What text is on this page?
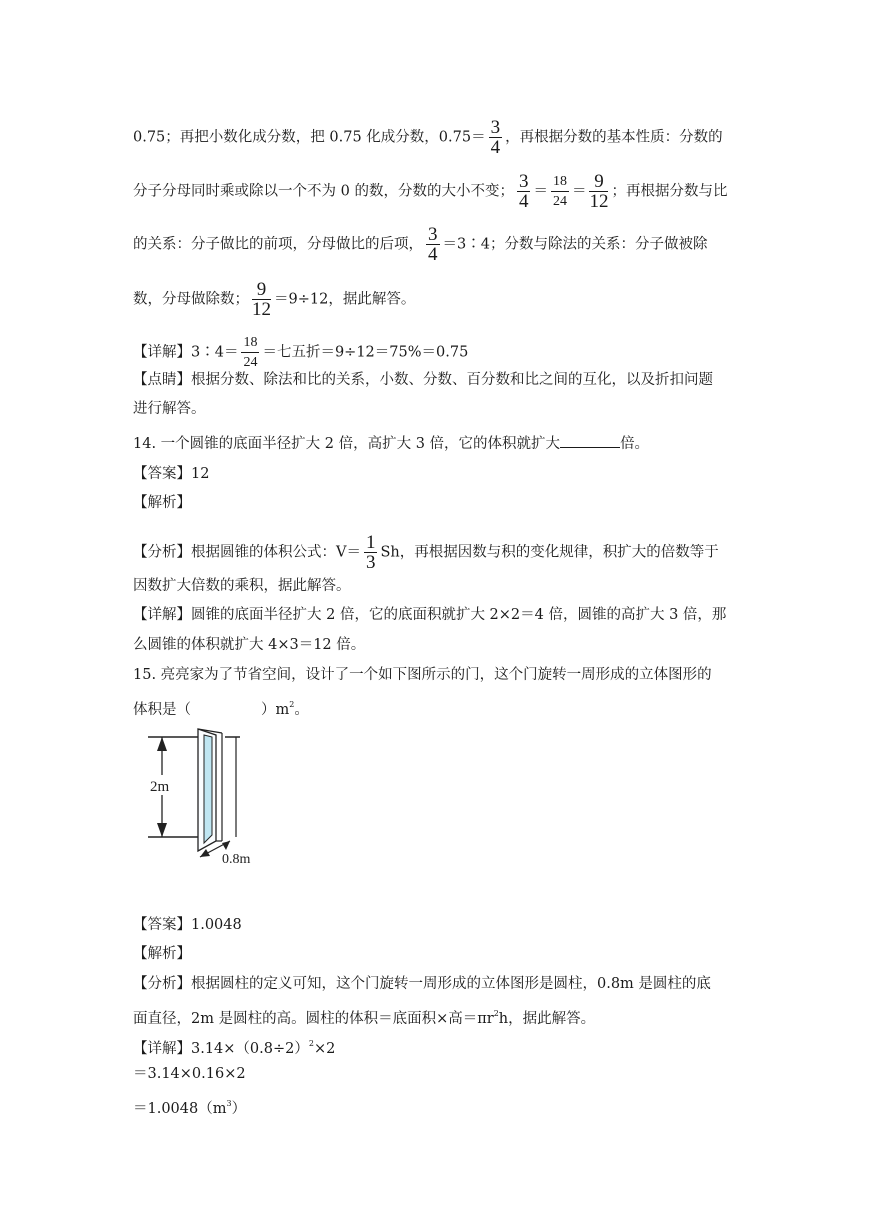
0.75；再把小数化成分数，把 0.75 化成分数，$0.75= \frac{3}{4}$ ，再根据分数的基本性质：分数的
分子分母同时乘或除以一个不为 0 的数，分数的大小不变； $\frac{3}{4} = \frac{18}{24} = \frac{9}{12}$ ；再根据分数与比
的关系：分子做比的前项，分母做比的后项， $\frac{3}{4}$ ＝3∶4；分数与除法的关系：分子做被除
数，分母做除数； $\frac{9}{12} =9\div 12$，据此解答。
【详解】3∶4＝ $\frac{18}{24}$ ＝七五折＝9÷12＝75%＝0.75
【点睛】根据分数、除法和比的关系，小数、分数、百分数和比之间的互化，以及折扣问题
进行解答。
14. 一个圆锥的底面半径扩大 2 倍，高扩大 3 倍，它的体积就扩大	倍。
【答案】12
【解析】
【分析】根据圆锥的体积公式：$V= \frac{1}{3}$ Sh，再根据因数与积的变化规律，积扩大的倍数等于
因数扩大倍数的乘积，据此解答。
【详解】圆锥的底面半径扩大 2 倍，它的底面积就扩大 2×2＝4 倍，圆锥的高扩大 3 倍，那
么圆锥的体积就扩大 4×3＝12 倍。
15. 亮亮家为了节省空间，设计了一个如下图所示的门，这个门旋转一周形成的立体图形的
体积是（	）$m^2$。
2m
0.8m
【答案】1.0048
【解析】
【分析】根据圆柱的定义可知，这个门旋转一周形成的立体图形是圆柱，0.8m 是圆柱的底
面直径，2m 是圆柱的高。圆柱的体积＝底面积×高$=\pi r^2h$，据此解答。
【详解】$3.14\times(0.8\div 2)^2\times 2$
＝3.14×0.16×2
$=1.0048(m^3)$
